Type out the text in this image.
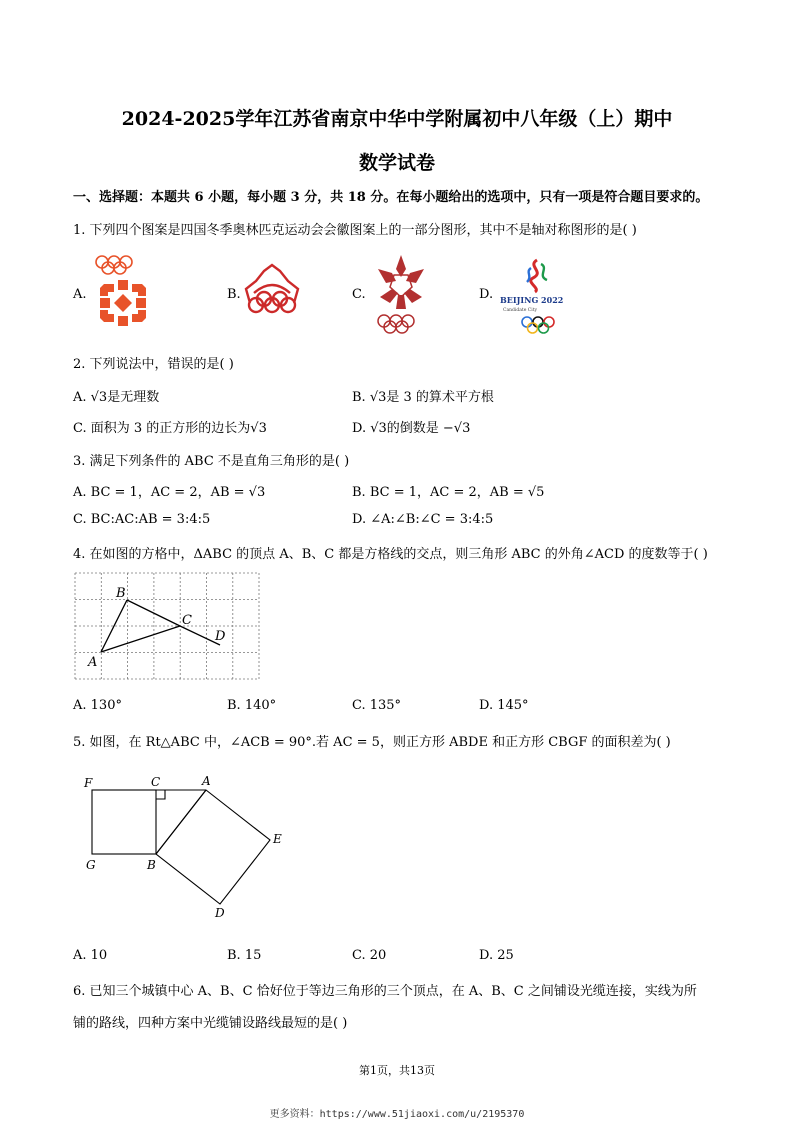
2024-2025学年江苏省南京中华中学附属初中八年级（上）期中
数学试卷
一、选择题：本题共 6 小题，每小题 3 分，共 18 分。在每小题给出的选项中，只有一项是符合题目要求的。
1. 下列四个图案是四国冬季奥林匹克运动会会徽图案上的一部分图形，其中不是轴对称图形的是( )
A.	B.	C.	D. BEIJING 2022
Candidate City
2. 下列说法中，错误的是( )
A. √3是无理数	B. √3是 3 的算术平方根
C. 面积为 3 的正方形的边长为√3	D. √3的倒数是 −√3
3. 满足下列条件的 ABC 不是直角三角形的是( )
A. BC = 1，AC = 2，AB = √3	B. BC = 1，AC = 2，AB = √5
C. BC:AC:AB = 3:4:5	D. ∠A:∠B:∠C = 3:4:5
4. 在如图的方格中，ΔABC 的顶点 A、B、C 都是方格线的交点，则三角形 ABC 的外角∠ACD 的度数等于( )
B
C
D
A
A. 130°	B. 140°	C. 135°	D. 145°
5. 如图，在 Rt△ABC 中，∠ACB = 90°.若 AC = 5，则正方形 ABDE 和正方形 CBGF 的面积差为( )
F	C	A
E
G	B
D
A. 10	B. 15	C. 20	D. 25
6. 已知三个城镇中心 A、B、C 恰好位于等边三角形的三个顶点，在 A、B、C 之间铺设光缆连接，实线为所
铺的路线，四种方案中光缆铺设路线最短的是( )
第1页，共13页
更多资料：https://www.51jiaoxi.com/u/2195370
